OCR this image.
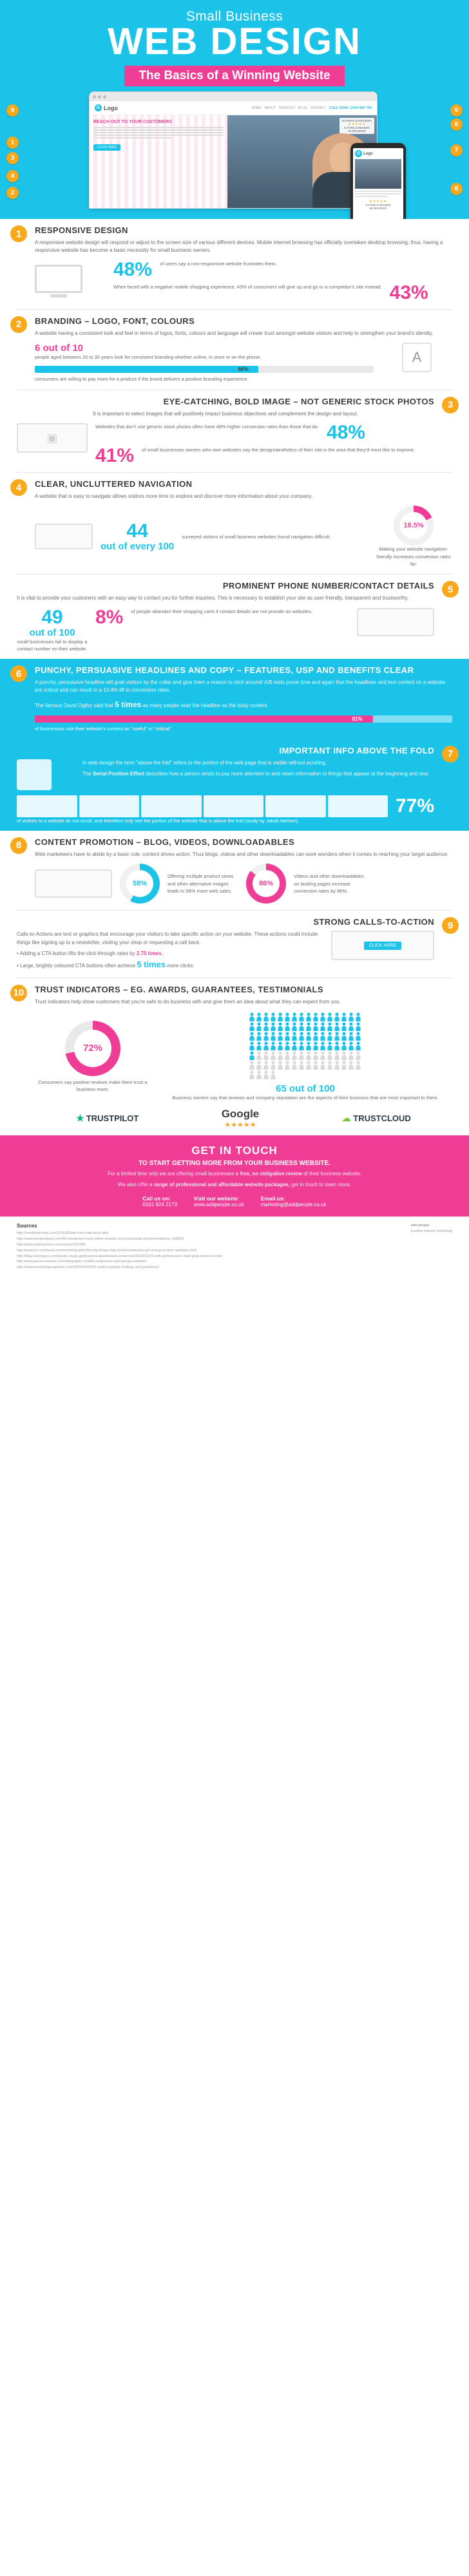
Small Business
WEB DESIGN
The Basics of a Winning Website
G Logo	HOME ABOUT SERVICES BLOG CONTACT CALL NOW: 1234 456 789
REACH OUT TO YOUR CUSTOMERS
CLICK HERE
RATINGS & REVIEWS
★★★★★
KATHIE & REVIERI
95 REVIEWS
G Logo
★★★★★
KATHIE & REVIERI
95 REVIEWS
9
1
3
4
2
5
6
7
8
1	RESPONSIVE DESIGN

A responsive website design will respond or adjust to the screen size of various different devices. Mobile internet browsing has officially overtaken desktop browsing; thus, having a responsive website has become a basic necessity for small business owners.

48% of users say a non-responsive website frustrates them.
When faced with a negative mobile shopping experience, 43% of consumers will give up and go to a competitor's site instead. 43%
2	BRANDING – LOGO, FONT, COLOURS

A website having a consistent look and feel in terms of logos, fonts, colours and language will create trust amongst website visitors and help to strengthen your brand's identity.

6 out of 10
people aged between 20 to 30 years look for consistent branding whether online, in store or on the phone.
66%
consumers are willing to pay more for a product if the brand delivers a positive branding experience.
A
3
EYE-CATCHING, BOLD IMAGE – NOT GENERIC STOCK PHOTOS

It is important to select images that will positively impact business objectives and complement the design and layout.

▣
Websites that don't use generic stock photos often have 48% higher conversion rates than those that do. 48%
41% of small businesses owners who own websites say the design/aesthetics of their site is the area that they'd most like to improve.
4	CLEAR, UNCLUTTERED NAVIGATION

A website that is easy to navigate allows visitors more time to explore and discover more information about your company.

44
out of every 100
surveyed visitors of small business websites found navigation difficult.
18.5%
Making your website navigation-friendly increases conversion rates by:
5
PROMINENT PHONE NUMBER/CONTACT DETAILS

It is vital to provide your customers with an easy way to contact you for further inquiries. This is necessary to establish your site as user-friendly, transparent and trustworthy.

49
out of 100
small businesses fail to display a contact number on their website.
8% of people abandon their shopping carts if contact details are not provide on websites.
6	PUNCHY, PERSUASIVE HEADLINES AND COPY – FEATURES, USP AND BENEFITS CLEAR

A punchy, persuasive headline will grab visitors by the collar and give them a reason to stick around! A/B tests prove time and again that the headlines and text content on a website are critical and can result in a 10.4% lift in conversion rates.

The famous David Ogilvy said that 5 times as many people read the headline as the body content.

81%
of businesses rate their website's content as "useful" or "critical"
7
IMPORTANT INFO ABOVE THE FOLD

In web design the term "above the fold" refers to the portion of the web page that is visible without scrolling.

The Serial Position Effect describes how a person tends to pay more attention to and retain information to things that appear at the beginning and end.

77%
of visitors to a website do not scroll, and therefore only see the portion of the website that is above the fold (study by Jakob Nielsen).
8	CONTENT PROMOTION – BLOG, VIDEOS, DOWNLOADABLES

Web marketeers have to abide by a basic rule: content drives action. Thus blogs, videos and other downloadables can work wonders when it comes to reaching your target audience.

58%
Offering multiple product views and other alternative images leads to 58% more web sales.
86%
Videos and other downloadables on landing pages increase conversion rates by 86%.
9
STRONG CALLS-TO-ACTION

Calls-to-Actions are text or graphics that encourage your visitors to take specific action on your website. These actions could include things like signing up to a newsletter, visiting your shop or requesting a call back.

• Adding a CTA button lifts the click-through rates by 2.75 times.

• Large, brightly coloured CTA buttons often achieve 5 times more clicks.

CLICK HERE
10	TRUST INDICATORS – EG. AWARDS, GUARANTEES, TESTIMONIALS

Trust indicators help show customers that you're safe to do business with and give them an idea about what they can expect from you.

72%
Consumers say positive reviews make them trust a business more.	65 out of 100
Business owners say that reviews and company reputation are the aspects of their business that are most important to them.
★ TRUSTPILOT	Google
★★★★★
☁ TRUSTCLOUD
GET IN TOUCH
TO START GETTING MORE FROM YOUR BUSINESS WEBSITE.

For a limited time only we are offering small businesses a free, no obligation review of their business website.

We also offer a range of professional and affordable website packages, get in touch to learn more.

Call us on:
0161 924 2173
Visit our website:
www.addpeople.co.uk
Email us:
marketing@addpeople.co.uk
add people
positive internet marketing
Sources
http://smallbiztrends.com/2015/05/site-trust-indicators.html
http://searchengineland.com/49-consumers-trust-online-reviews-much-personal-recommendations-195903
http://www.entrepreneur.com/article/232268
http://www.inc.com/laura-montini/infographic/the-big-things-that-small-businesses-get-wrong-on-their-websites.html
http://blog.rackspace.com/adobe-study-applications-abandoned-conversion/2014/01/03-web-performance-stats-grab-want-to-know/
http://www.paceconomics.com/infographic-mobile-responsive-web-design-statistics
http://www.smashingmagazine.com/2009/09/24/10-useful-usability-findings-and-guidelines/
